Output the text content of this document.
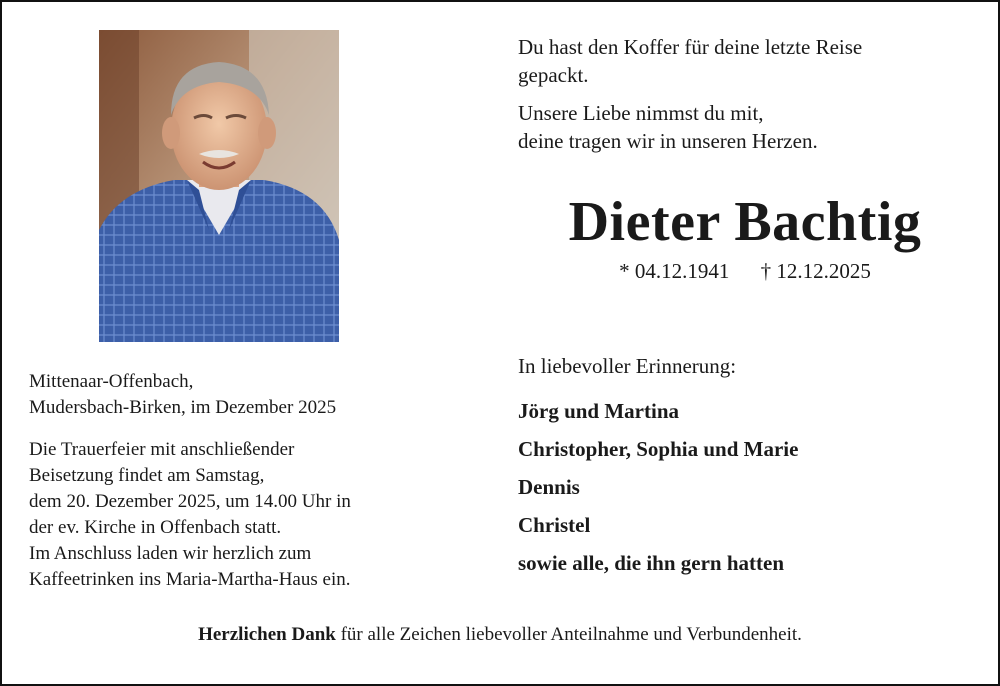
Du hast den Koffer für deine letzte Reise
gepackt.

Unsere Liebe nimmst du mit,
deine tragen wir in unseren Herzen.

Dieter Bachtig
* 04.12.1941 † 12.12.2025
In liebevoller Erinnerung:
Jörg und Martina
Christopher, Sophia und Marie
Dennis
Christel
sowie alle, die ihn gern hatten
Mittenaar-Offenbach,
Mudersbach-Birken, im Dezember 2025
Die Trauerfeier mit anschließender
Beisetzung findet am Samstag,
dem 20. Dezember 2025, um 14.00 Uhr in
der ev. Kirche in Offenbach statt.
Im Anschluss laden wir herzlich zum
Kaffeetrinken ins Maria-Martha-Haus ein.
Herzlichen Dank für alle Zeichen liebevoller Anteilnahme und Verbundenheit.
